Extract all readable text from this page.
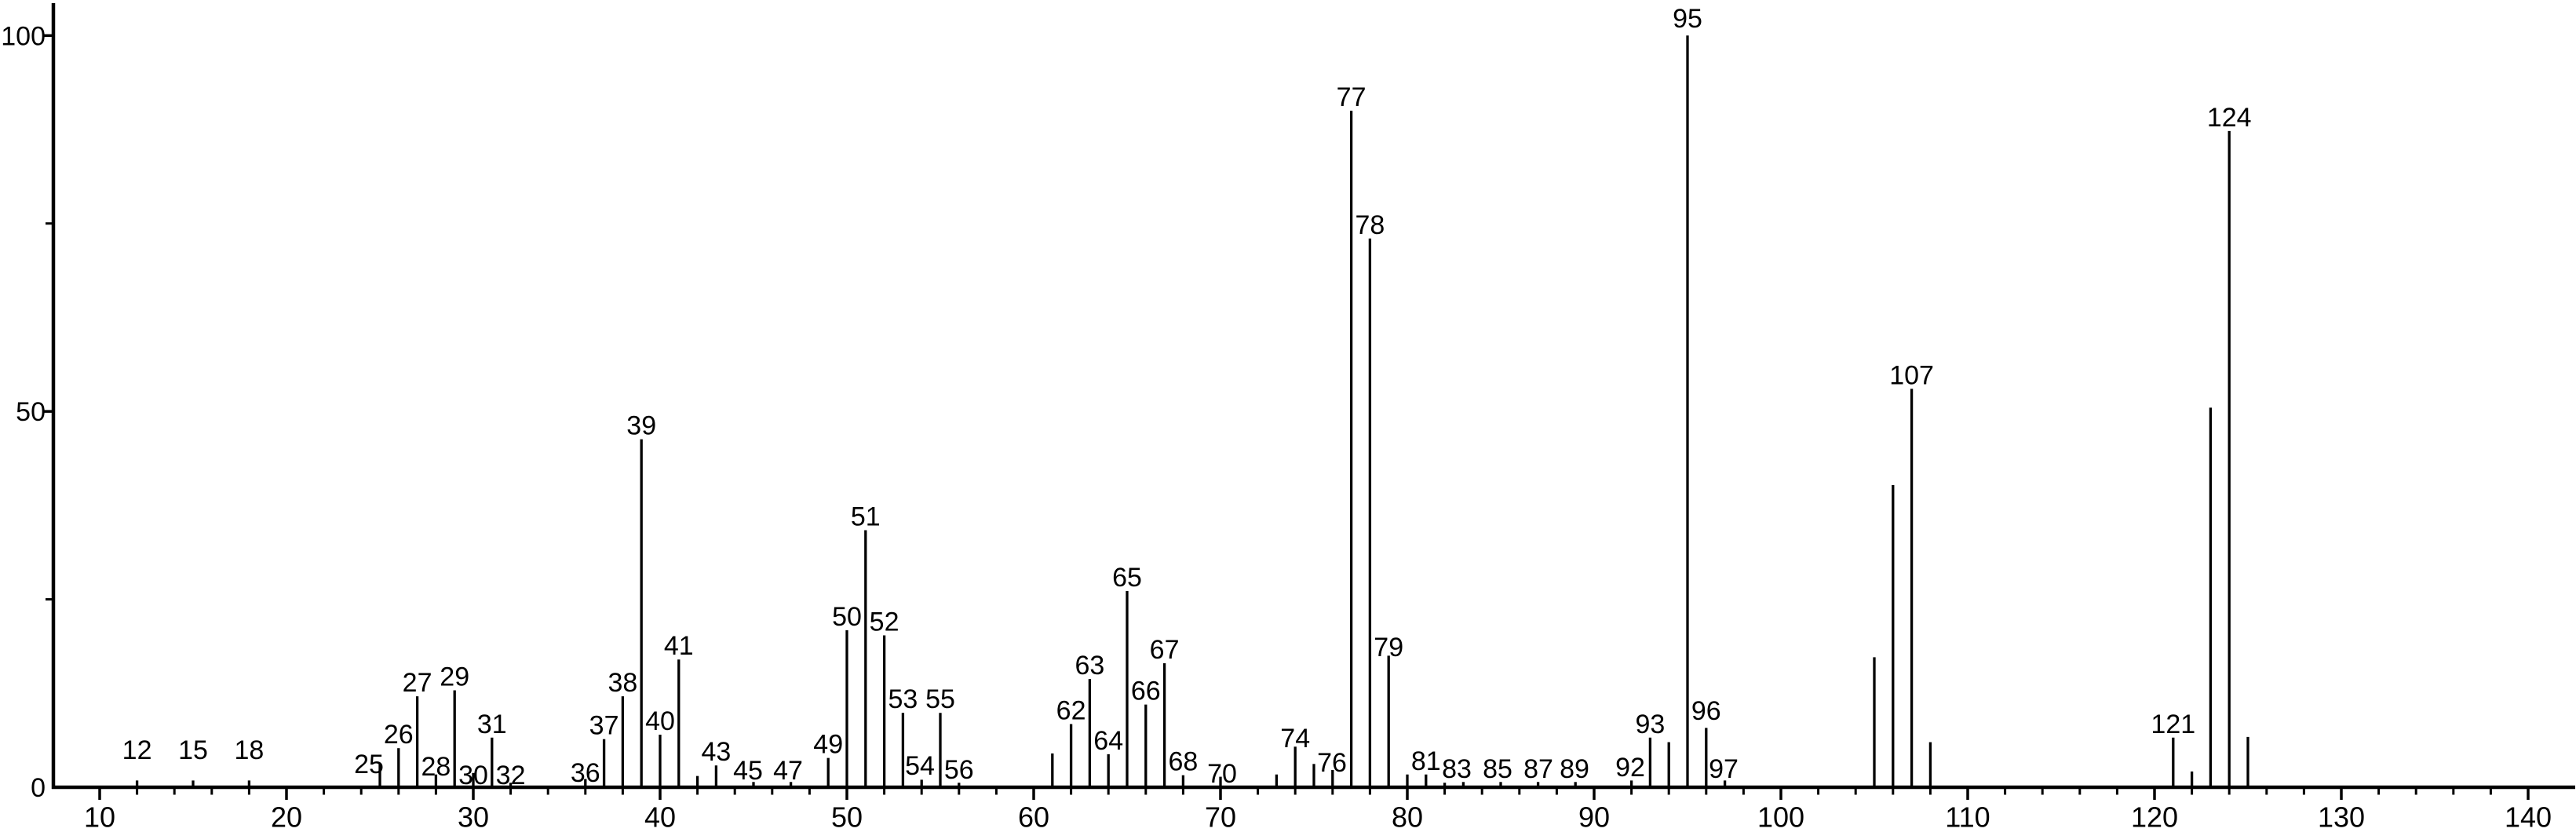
10	20	30	40	50	60	70	80	90	100	110	120	130	140
0
50
100
12 15 18	25
26
27
28
29
30
31
32 36
37
38
39
40
41
43
45 47
49
50
51
52
53
54
55
56
62
63
64
65
66
67
68 70
74
76
77
78
79
81 83 85 87 89 92
93
95
96
97
107
121
124
